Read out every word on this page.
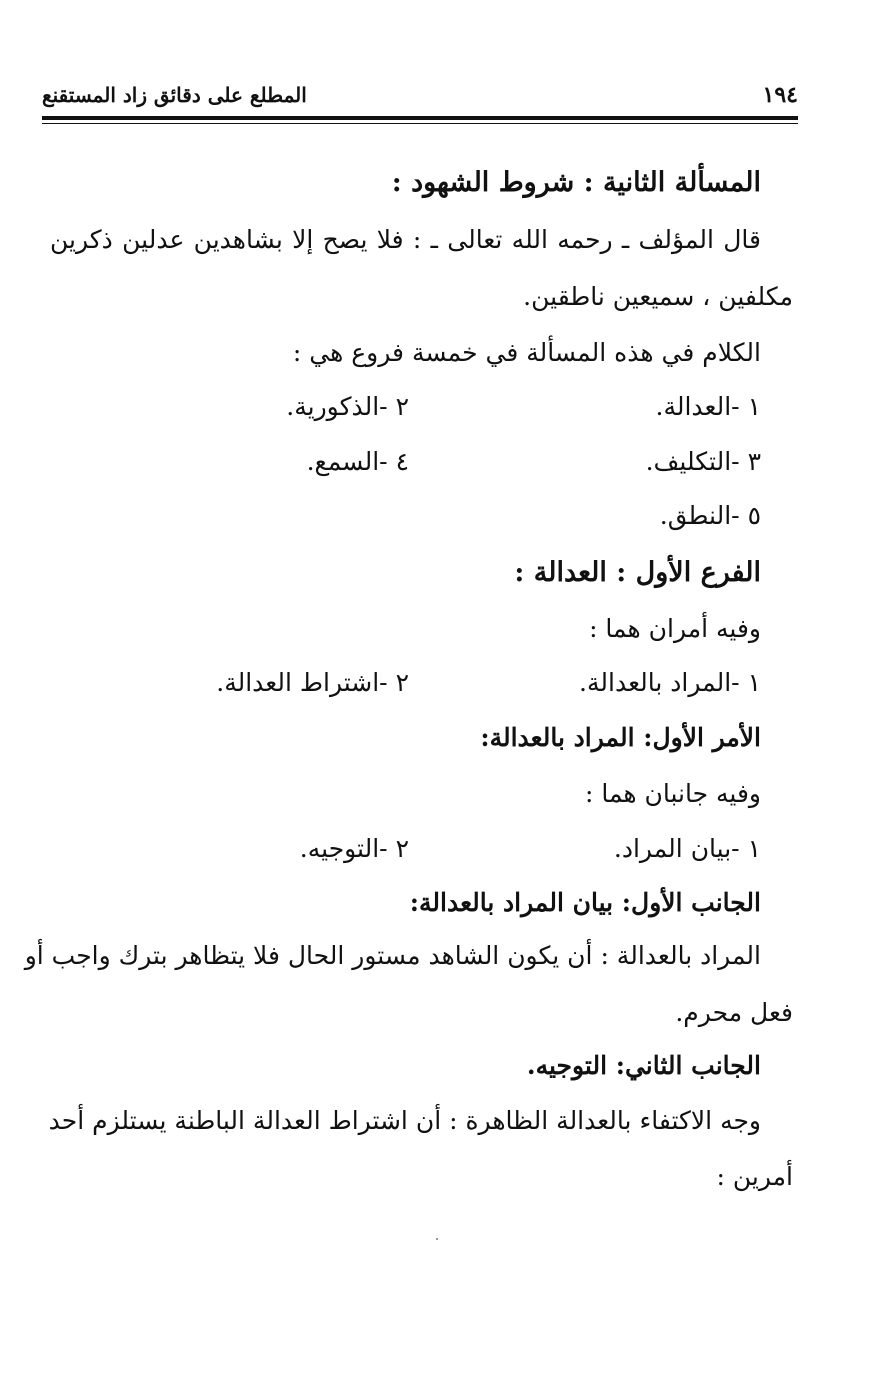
١٩٤
المطلع على دقائق زاد المستقنع
المسألة الثانية : شروط الشهود :
قال المؤلف ـ رحمه الله تعالى ـ : فلا يصح إلا بشاهدين عدلين ذكرين
مكلفين ، سميعين ناطقين.
الكلام في هذه المسألة في خمسة فروع هي :
١ -العدالة.
٢ -الذكورية.
٣ -التكليف.
٤ -السمع.
٥ -النطق.
الفرع الأول : العدالة :
وفيه أمران هما :
١ -المراد بالعدالة.
٢ -اشتراط العدالة.
الأمر الأول: المراد بالعدالة:
وفيه جانبان هما :
١ -بيان المراد.
٢ -التوجيه.
الجانب الأول: بيان المراد بالعدالة:
المراد بالعدالة : أن يكون الشاهد مستور الحال فلا يتظاهر بترك واجب أو
فعل محرم.
الجانب الثاني: التوجيه.
وجه الاكتفاء بالعدالة الظاهرة : أن اشتراط العدالة الباطنة يستلزم أحد
أمرين :
